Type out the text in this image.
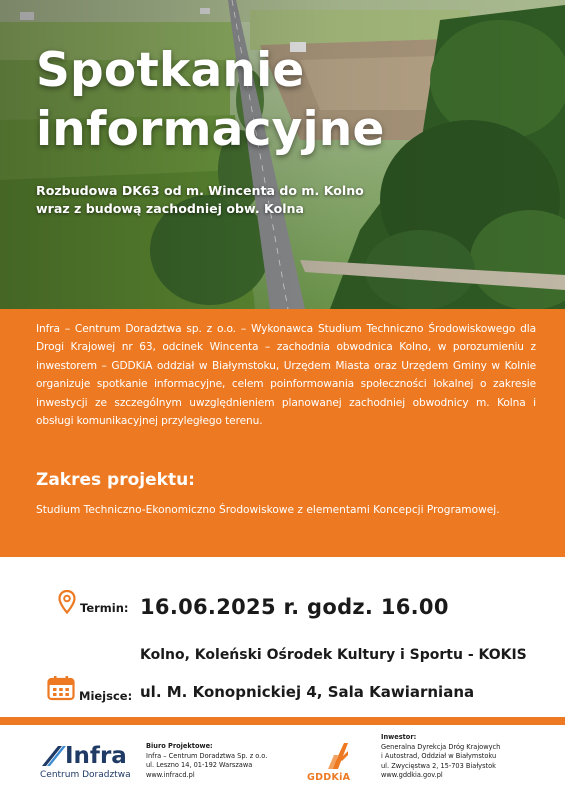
Spotkanie
informacyjne
Rozbudowa DK63 od m. Wincenta do m. Kolno
wraz z budową zachodniej obw. Kolna

Infra – Centrum Doradztwa sp. z o.o. – Wykonawca Studium Techniczno Środowiskowego dla Drogi Krajowej nr 63, odcinek Wincenta – zachodnia obwodnica Kolno, w porozumieniu z inwestorem – GDDKiA oddział w Białymstoku, Urzędem Miasta oraz Urzędem Gminy w Kolnie organizuje spotkanie informacyjne, celem poinformowania społeczności lokalnej o zakresie inwestycji ze szczególnym uwzględnieniem planowanej zachodniej obwodnicy m. Kolna i obsługi komunikacyjnej przyległego terenu.

Zakres projektu:

Studium Techniczno-Ekonomiczno Środowiskowe z elementami Koncepcji Programowej.

Termin: 16.06.2025 r. godz. 16.00
Kolno, Koleński Ośrodek Kultury i Sportu - KOKIS
Miejsce: ul. M. Konopnickiej 4, Sala Kawiarniana
Infra
Centrum Doradztwa
Biuro Projektowe:
Infra – Centrum Doradztwa Sp. z o.o.
ul. Leszno 14, 01-192 Warszawa
www.infracd.pl	GDDKiA
Inwestor:
Generalna Dyrekcja Dróg Krajowych
i Autostrad, Oddział w Białymstoku
ul. Zwycięstwa 2, 15-703 Białystok
www.gddkia.gov.pl
